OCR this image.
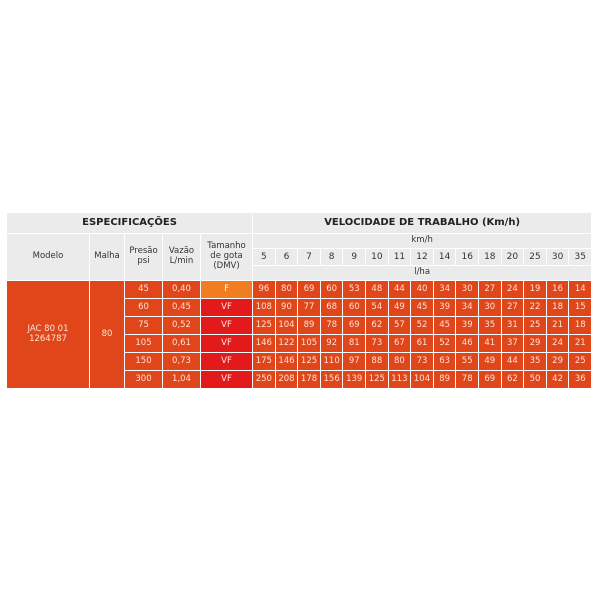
ESPECIFICAÇÕES					VELOCIDADE DE TRABALHO (Km/h)														
Modelo	Malha	Presão psi	Vazão L/min	Tamanho de gota (DMV)	km/h														
					5	6	7	8	9	10	11	12	14	16	18	20	25	30	35
					l/ha														

JAC 80 01
1264787	80	45	0,40	F	96	80	69	60	53	48	44	40	34	30	27	24	19	16	14
		60	0,45	VF	108	90	77	68	60	54	49	45	39	34	30	27	22	18	15
		75	0,52	VF	125	104	89	78	69	62	57	52	45	39	35	31	25	21	18
		105	0,61	VF	146	122	105	92	81	73	67	61	52	46	41	37	29	24	21
		150	0,73	VF	175	146	125	110	97	88	80	73	63	55	49	44	35	29	25
		300	1,04	VF	250	208	178	156	139	125	113	104	89	78	69	62	50	42	36
